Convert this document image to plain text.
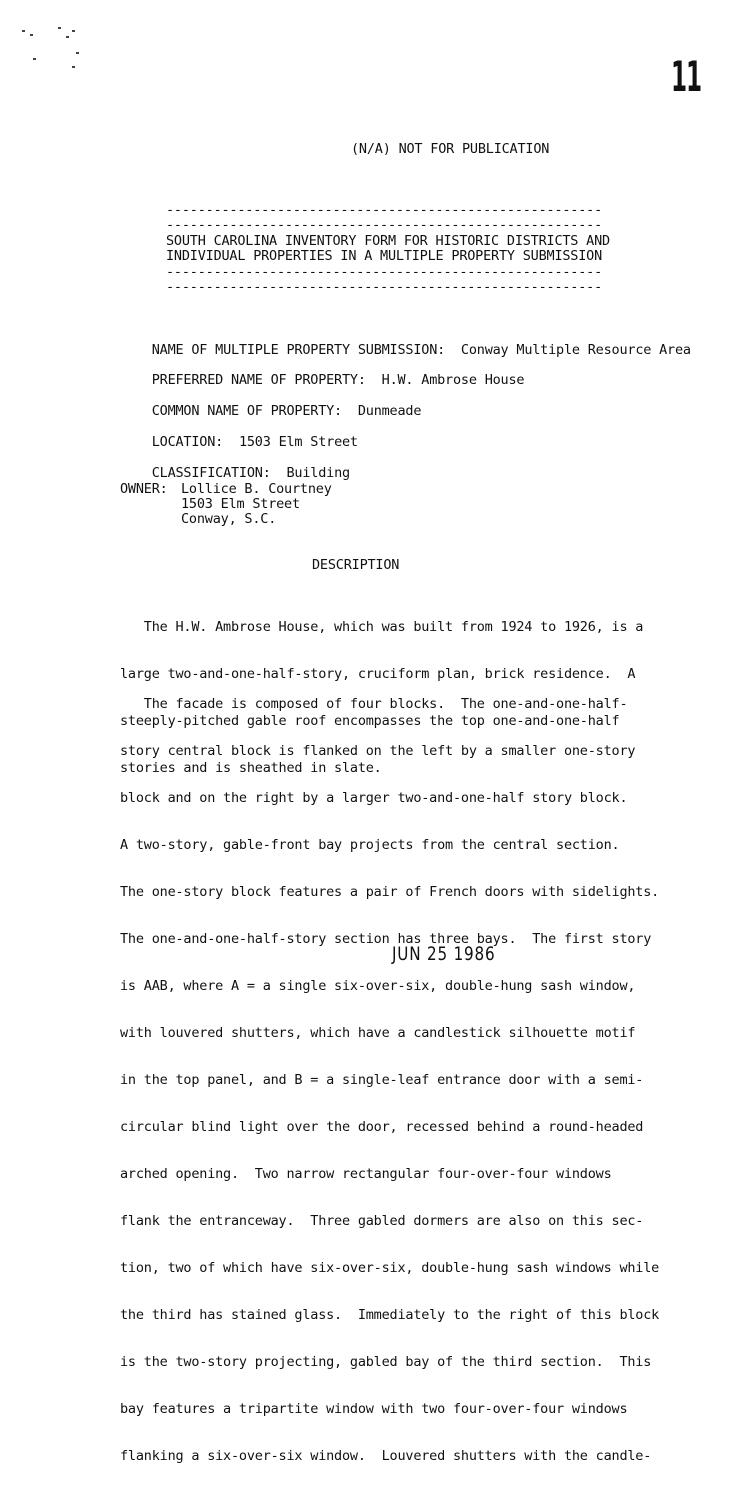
11
(N/A) NOT FOR PUBLICATION
-------------------------------------------------------
-------------------------------------------------------
SOUTH CAROLINA INVENTORY FORM FOR HISTORIC DISTRICTS AND
INDIVIDUAL PROPERTIES IN A MULTIPLE PROPERTY SUBMISSION
-------------------------------------------------------
-------------------------------------------------------

NAME OF MULTIPLE PROPERTY SUBMISSION: Conway Multiple Resource Area

PREFERRED NAME OF PROPERTY: H.W. Ambrose House

COMMON NAME OF PROPERTY: Dunmeade

LOCATION: 1503 Elm Street

CLASSIFICATION: Building

OWNER: Lollice B. Courtney
1503 Elm Street
Conway, S.C.
DESCRIPTION

The H.W. Ambrose House, which was built from 1924 to 1926, is a

large two-and-one-half-story, cruciform plan, brick residence.  A

steeply-pitched gable roof encompasses the top one-and-one-half

stories and is sheathed in slate.

The facade is composed of four blocks.  The one-and-one-half-

story central block is flanked on the left by a smaller one-story

block and on the right by a larger two-and-one-half story block.

A two-story, gable-front bay projects from the central section.

The one-story block features a pair of French doors with sidelights.

The one-and-one-half-story section has three bays.  The first story

is AAB, where A = a single six-over-six, double-hung sash window,

with louvered shutters, which have a candlestick silhouette motif

in the top panel, and B = a single-leaf entrance door with a semi-

circular blind light over the door, recessed behind a round-headed

arched opening.  Two narrow rectangular four-over-four windows

flank the entranceway.  Three gabled dormers are also on this sec-

tion, two of which have six-over-six, double-hung sash windows while

the third has stained glass.  Immediately to the right of this block

is the two-story projecting, gabled bay of the third section.  This

bay features a tripartite window with two four-over-four windows

flanking a six-over-six window.  Louvered shutters with the candle-

JUN 25 1986
